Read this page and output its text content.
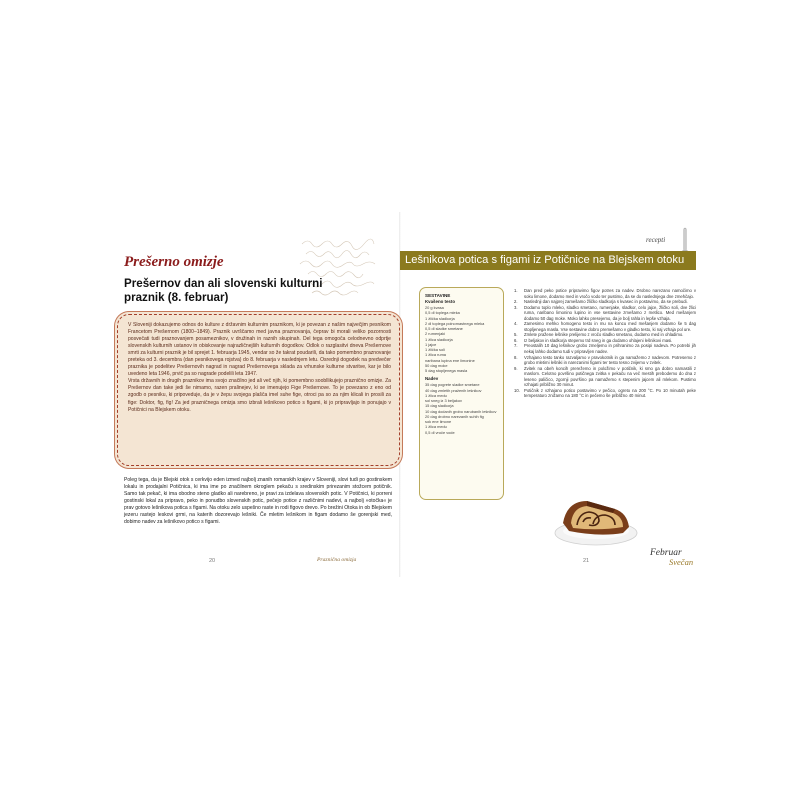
Prešerno omizje
Prešernov dan ali slovenski kulturni praznik (8. februar)

V Sloveniji dokazujemo odnos do kulture z državnim kulturnim praznikom, ki je povezan z našim največjim pesnikom Francetom Prešernom (1800–1849). Praznik uvrščamo med javna praznovanja, čeprav bi morali veliko pozornosti posvečati tudi praznovanjem posameznikov, v družinah in raznih skupinah. Del tega omogoča celodnevno odprtje slovenskih kulturnih ustanov in obiskovanje najrazličnejših kulturnih dogodkov. Odlok o razglasitvi dneva Prešernove smrti za kulturni praznik je bil sprejet 1. februarja 1945, vendar so že takrat poudarili, da tako pomembno praznovanje preteka od 3. decembra (dan pesnikovega rojstva) do 8. februarja v naslednjem letu. Osrednji dogodek na predvečer praznika je podelitev Prešernovih nagrad in nagrad Prešernovega sklada za vrhunske kulturne stvaritve, kar je bilo uvedeno leta 1946, prvič pa so nagrade podelili leta 1947.

Vrsta državnih in drugih praznikov ima svojo značilno jed ali več njih, ki pomembno soobllikujejo praznično omizje. Za Prešernov dan take jedi še nimamo, razen pralinejev, ki se imenujejo Fige Prešernove. To je povezano z eno od zgodb o pesniku, ki pripoveduje, da je v žepu svojega plašča imel suhe fige, otroci pa so za njim klicali in prosili za fige: Doktor, fig, fig! Za jed prazničnega omizja smo izbrali lešnikovo potico s figami, ki jo pripravljajo in ponujajo v Potičnici na Blejskem otoku.

Poleg tega, da je Blejski otok s cerkvijo eden izmed najbolj znanih romarskih krajev v Sloveniji, slovi tudi po gostinskem lokalu in prodajalni Potičnica, ki ima ime po značilnem okroglem pekaču s sredinskim prirezanim stožcem potičnik. Samo tak pekač, ki ima obodno steno gladko ali narebreno, je pravi za izdelava slovenskih potic. V Potičnici, ki porreni gostinski lokal za pripravo, peko in ponudbo slovenskih potic, pečejo potice z različnimi nadevi, a najbolj »otočka« je prav gotovo lešnikova potica s figami. Na otoku zelo uspešno raste in rodi figovo drevo. Po brežini Otoka in ob Blejskem jezeru rastejo leskovi grmi, na katerih dozorevajo lešniki. Če mletim lešnikom in figam dodamo še gorenjski med, dobimo nadev za lešnikovo potico s figami.

20	Praznična omizja
recepti
Lešnikova potica s figami iz Potičnice na Blejskem otoku

SESTAVINE

Kvašeno testo

20 g kvasa

0,5 dl toplega mleka

1 žlička sladkorja

2 dl toplega polnomastnega mleka

0,5 dl sladke smetane

2 rumenjaki

1 žlica sladkorja

1 jajce

1 žlička soli

1 žlica ruma

naribana lupina ene limonine

50 dag moke

5 dag stopljenega masla

Nadev

35 dag pogrete sladke smetane

40 dag zmletih praženih lešnikov

1 žlica medu

sol sneg iz 3 beljakov

15 dag sladkorja

10 dag dodanih grobo narubanih lešnikov

20 dag drobno narezanih suhih fig

sok ene limone

1 žlica medu

0,5 dl vroče vode

1. Dan pred peko potice pripravimo figov potres za nadev. Drobno narezano namočimo v soku limone, dodamo med in vročo vodo ter pustimo, da se do naslednjega dne zmehčajo.
2. Naslednji dan najprej zamešamo žličko sladkorja s kvasec in postavimo, da se prebudi.
3. Dodamo toplo mleko, sladko smetano, rumenjake, sladkor, celo jajce, žličko soli, dve žlici ruma, naribano limonino lupino in vse sestavine zmešamo z metlico. Med mešanjem dodamo 50 dag moke. Moko lahko presejemo, da je bolj rahla in lepše vzhaja.
4. Zamesimo mehko homogeno testo in mu na koncu med mešanjem dodamo še 5 dag stopljenega masla. Vse sestavine dobro premešamo v gladko testo, ki naj vzhaja pol ure.
5. Zmlete pražene lešnike prelijemo z vročo sladko smetano, dodamo med in ohladimo.
6. Iz beljakov in sladkorja stepemo trd sneg in ga dodamo ohlajeni lešnikovi masi.
7. Preostalih 10 dag lešnikov grobo zmeljemo in prihranimo za posipi nadeva. Po potrebi jih nekaj lahko dodamo tudi v pripravljen nadev.
8. Vzhajano testo tanko razvaljamo v pravokotnik in ga namažemo z nadevom. Potresemo z grobo mletimi lešniki in narezanimi figami ter testo tesno zvijemo v zvitek.
9. Zvitek na obeh koncih prerežemo in položimo v potičnik, ki smo ga dobro namastili z maslom. Celotno površino potičnega zvitka v pekaču na več mestih prebodemo do dna z leseno paličico, zgornji površino pa namažemo s stepenim jajcem ali mlekom. Pustimo vzhajati približno 30 minut.
10. Potičnik z vzhajano potico postavimo v pečico, ogreto na 200 °C. Po 10 minutah peke temperaturo znižamo na 180 °C in pečemo še približno 40 minut.
21
Februar
Svečan
